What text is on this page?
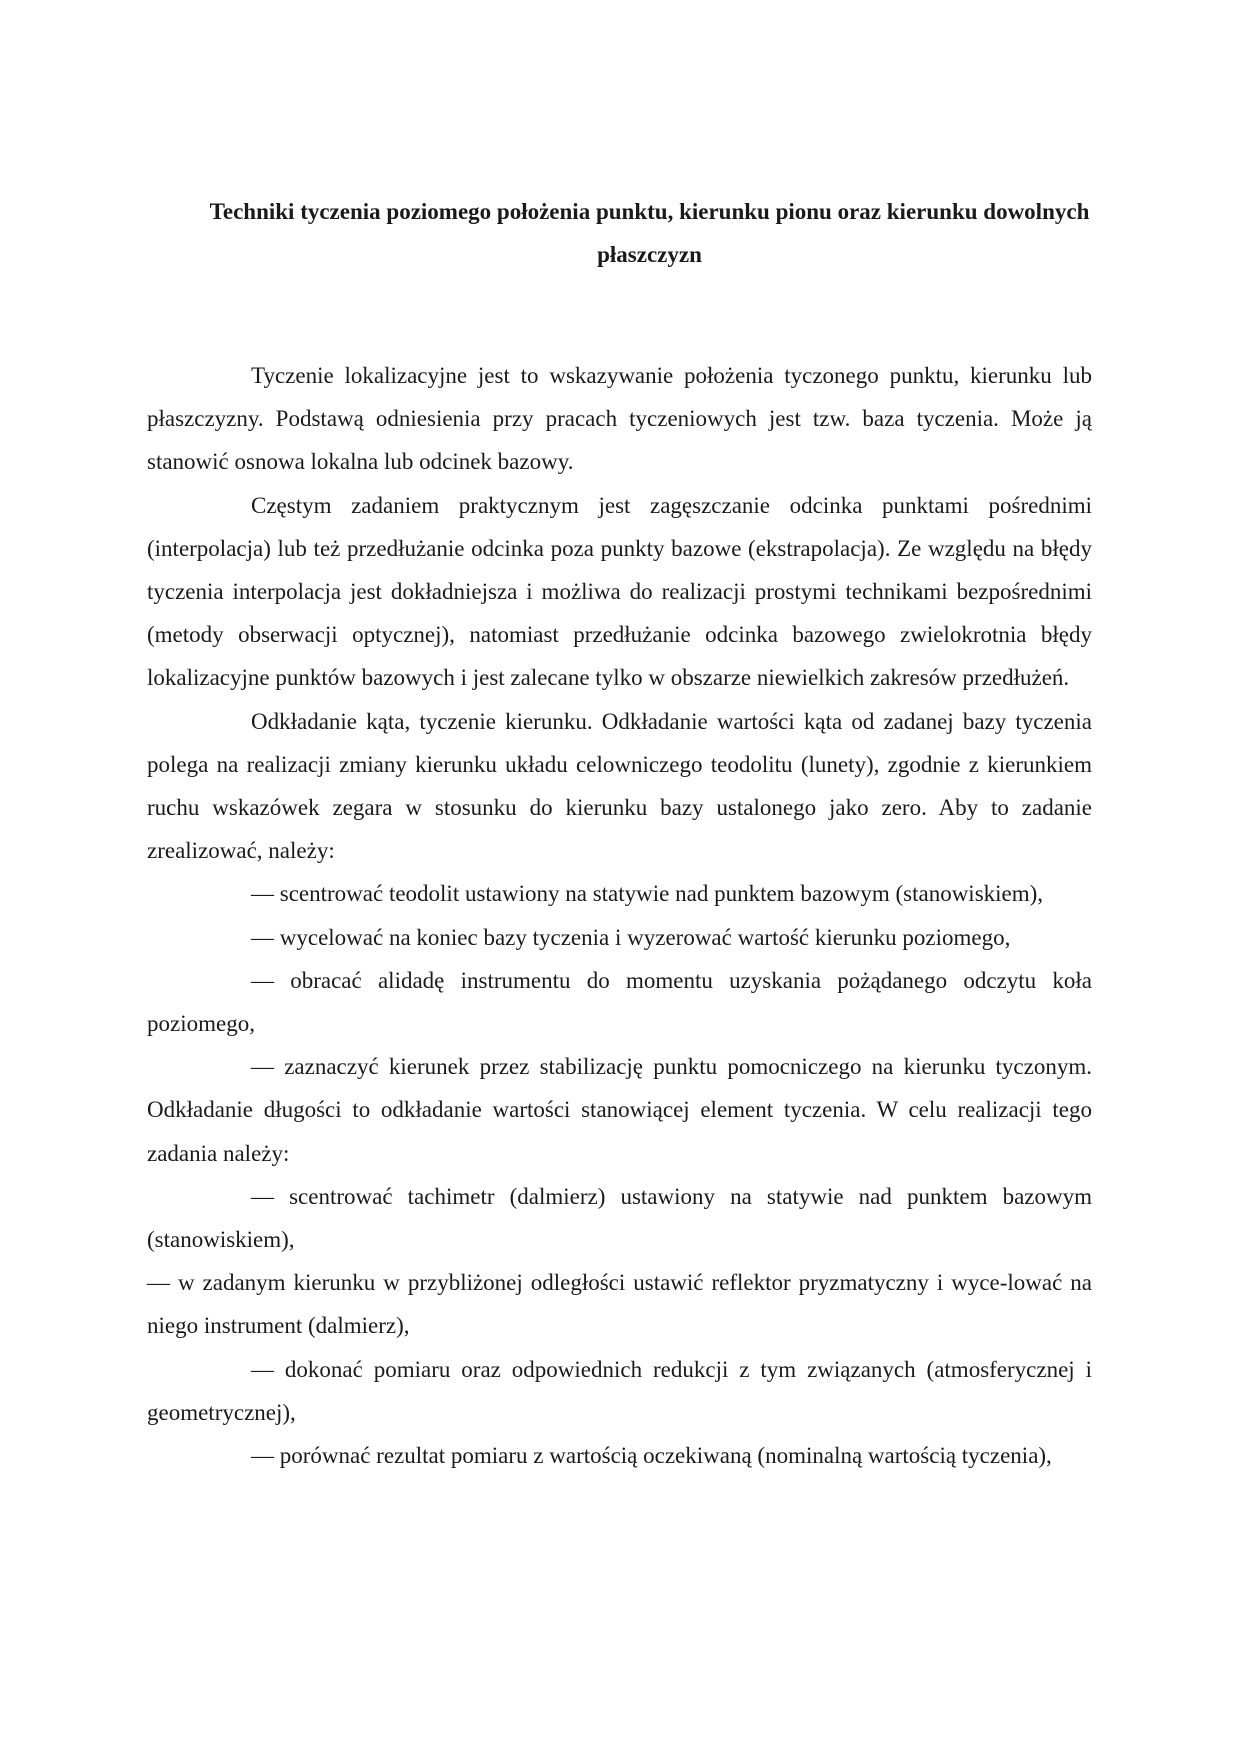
Techniki tyczenia poziomego położenia punktu, kierunku pionu oraz kierunku dowolnych płaszczyzn

Tyczenie lokalizacyjne jest to wskazywanie położenia tyczonego punktu, kierunku lub płaszczyzny. Podstawą odniesienia przy pracach tyczeniowych jest tzw. baza tyczenia. Może ją stanowić osnowa lokalna lub odcinek bazowy.

Częstym zadaniem praktycznym jest zagęszczanie odcinka punktami pośrednimi (interpolacja) lub też przedłużanie odcinka poza punkty bazowe (ekstrapolacja). Ze względu na błędy tyczenia interpolacja jest dokładniejsza i możliwa do realizacji prostymi technikami bezpośrednimi (metody obserwacji optycznej), natomiast przedłużanie odcinka bazowego zwielokrotnia błędy lokalizacyjne punktów bazowych i jest zalecane tylko w obszarze niewielkich zakresów przedłużeń.

Odkładanie kąta, tyczenie kierunku. Odkładanie wartości kąta od zadanej bazy tyczenia polega na realizacji zmiany kierunku układu celowniczego teodolitu (lunety), zgodnie z kierunkiem ruchu wskazówek zegara w stosunku do kierunku bazy ustalonego jako zero. Aby to zadanie zrealizować, należy:

— scentrować teodolit ustawiony na statywie nad punktem bazowym (stanowiskiem),

— wycelować na koniec bazy tyczenia i wyzerować wartość kierunku poziomego,

— obracać alidadę instrumentu do momentu uzyskania pożądanego odczytu koła poziomego,

— zaznaczyć kierunek przez stabilizację punktu pomocniczego na kierunku tyczonym. Odkładanie długości to odkładanie wartości stanowiącej element tyczenia. W celu realizacji tego zadania należy:

— scentrować tachimetr (dalmierz) ustawiony na statywie nad punktem bazowym (stanowiskiem),

— w zadanym kierunku w przybliżonej odległości ustawić reflektor pryzmatyczny i wyce-lować na niego instrument (dalmierz),

— dokonać pomiaru oraz odpowiednich redukcji z tym związanych (atmosferycznej i geometrycznej),

— porównać rezultat pomiaru z wartością oczekiwaną (nominalną wartością tyczenia),
